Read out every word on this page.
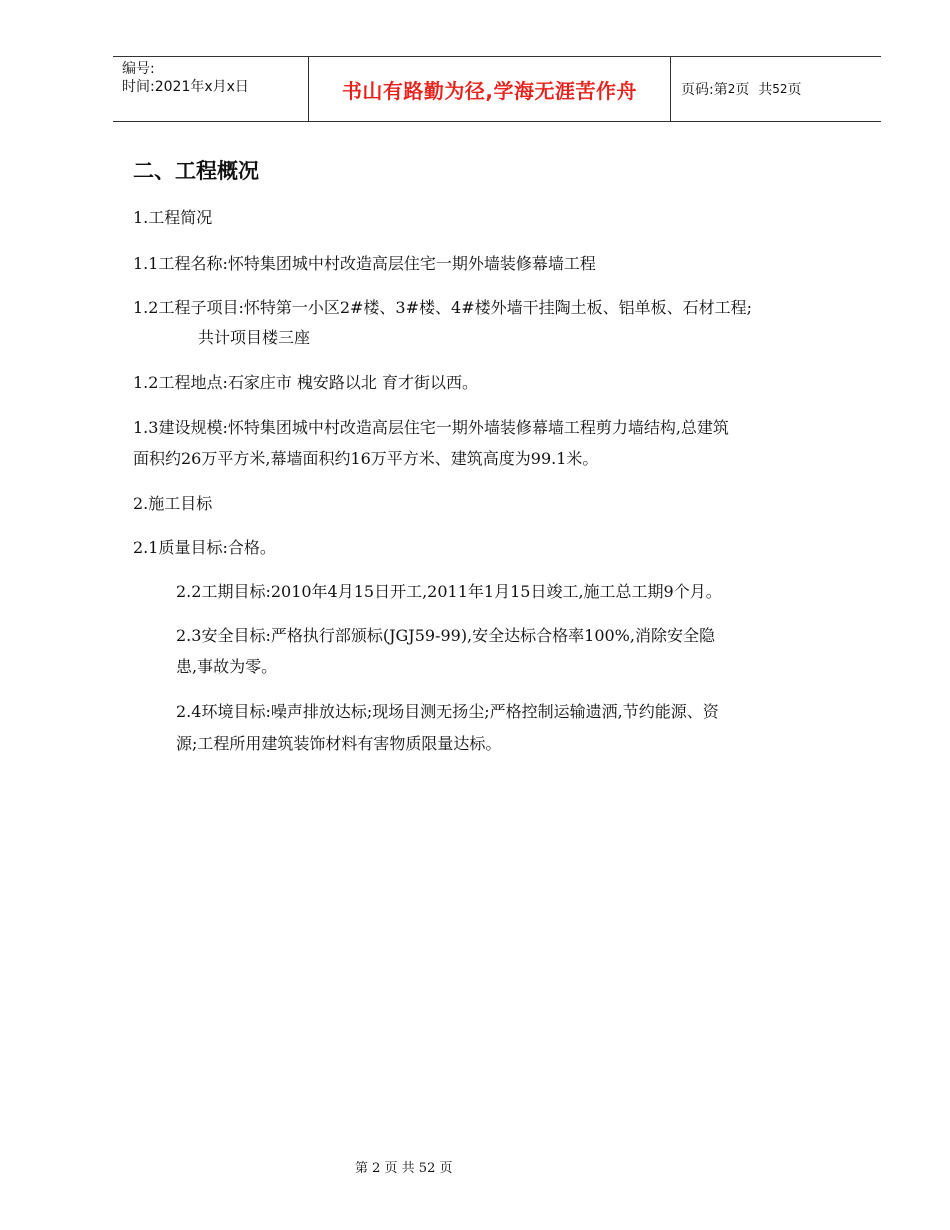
编号:
时间:2021年x月x日	书山有路勤为径,学海无涯苦作舟	页码:第 2 页  共 52 页
二、工程概况

1.工程简况

1.1工程名称:怀特集团城中村改造高层住宅一期外墙装修幕墙工程

1.2工程子项目:怀特第一小区2#楼、3#楼、4#楼外墙干挂陶土板、铝单板、石材工程;

共计项目楼三座

1.2工程地点:石家庄市 槐安路以北 育才街以西。

1.3建设规模:怀特集团城中村改造高层住宅一期外墙装修幕墙工程剪力墙结构,总建筑

面积约26万平方米,幕墙面积约16万平方米、建筑高度为99.1米。

2.施工目标

2.1质量目标:合格。

2.2工期目标:2010年4月15日开工,2011年1月15日竣工,施工总工期9个月。

2.3安全目标:严格执行部颁标(JGJ59-99),安全达标合格率100%,消除安全隐

患,事故为零。

2.4环境目标:噪声排放达标;现场目测无扬尘;严格控制运输遗洒,节约能源、资

源;工程所用建筑装饰材料有害物质限量达标。

第 2 页 共 52 页
